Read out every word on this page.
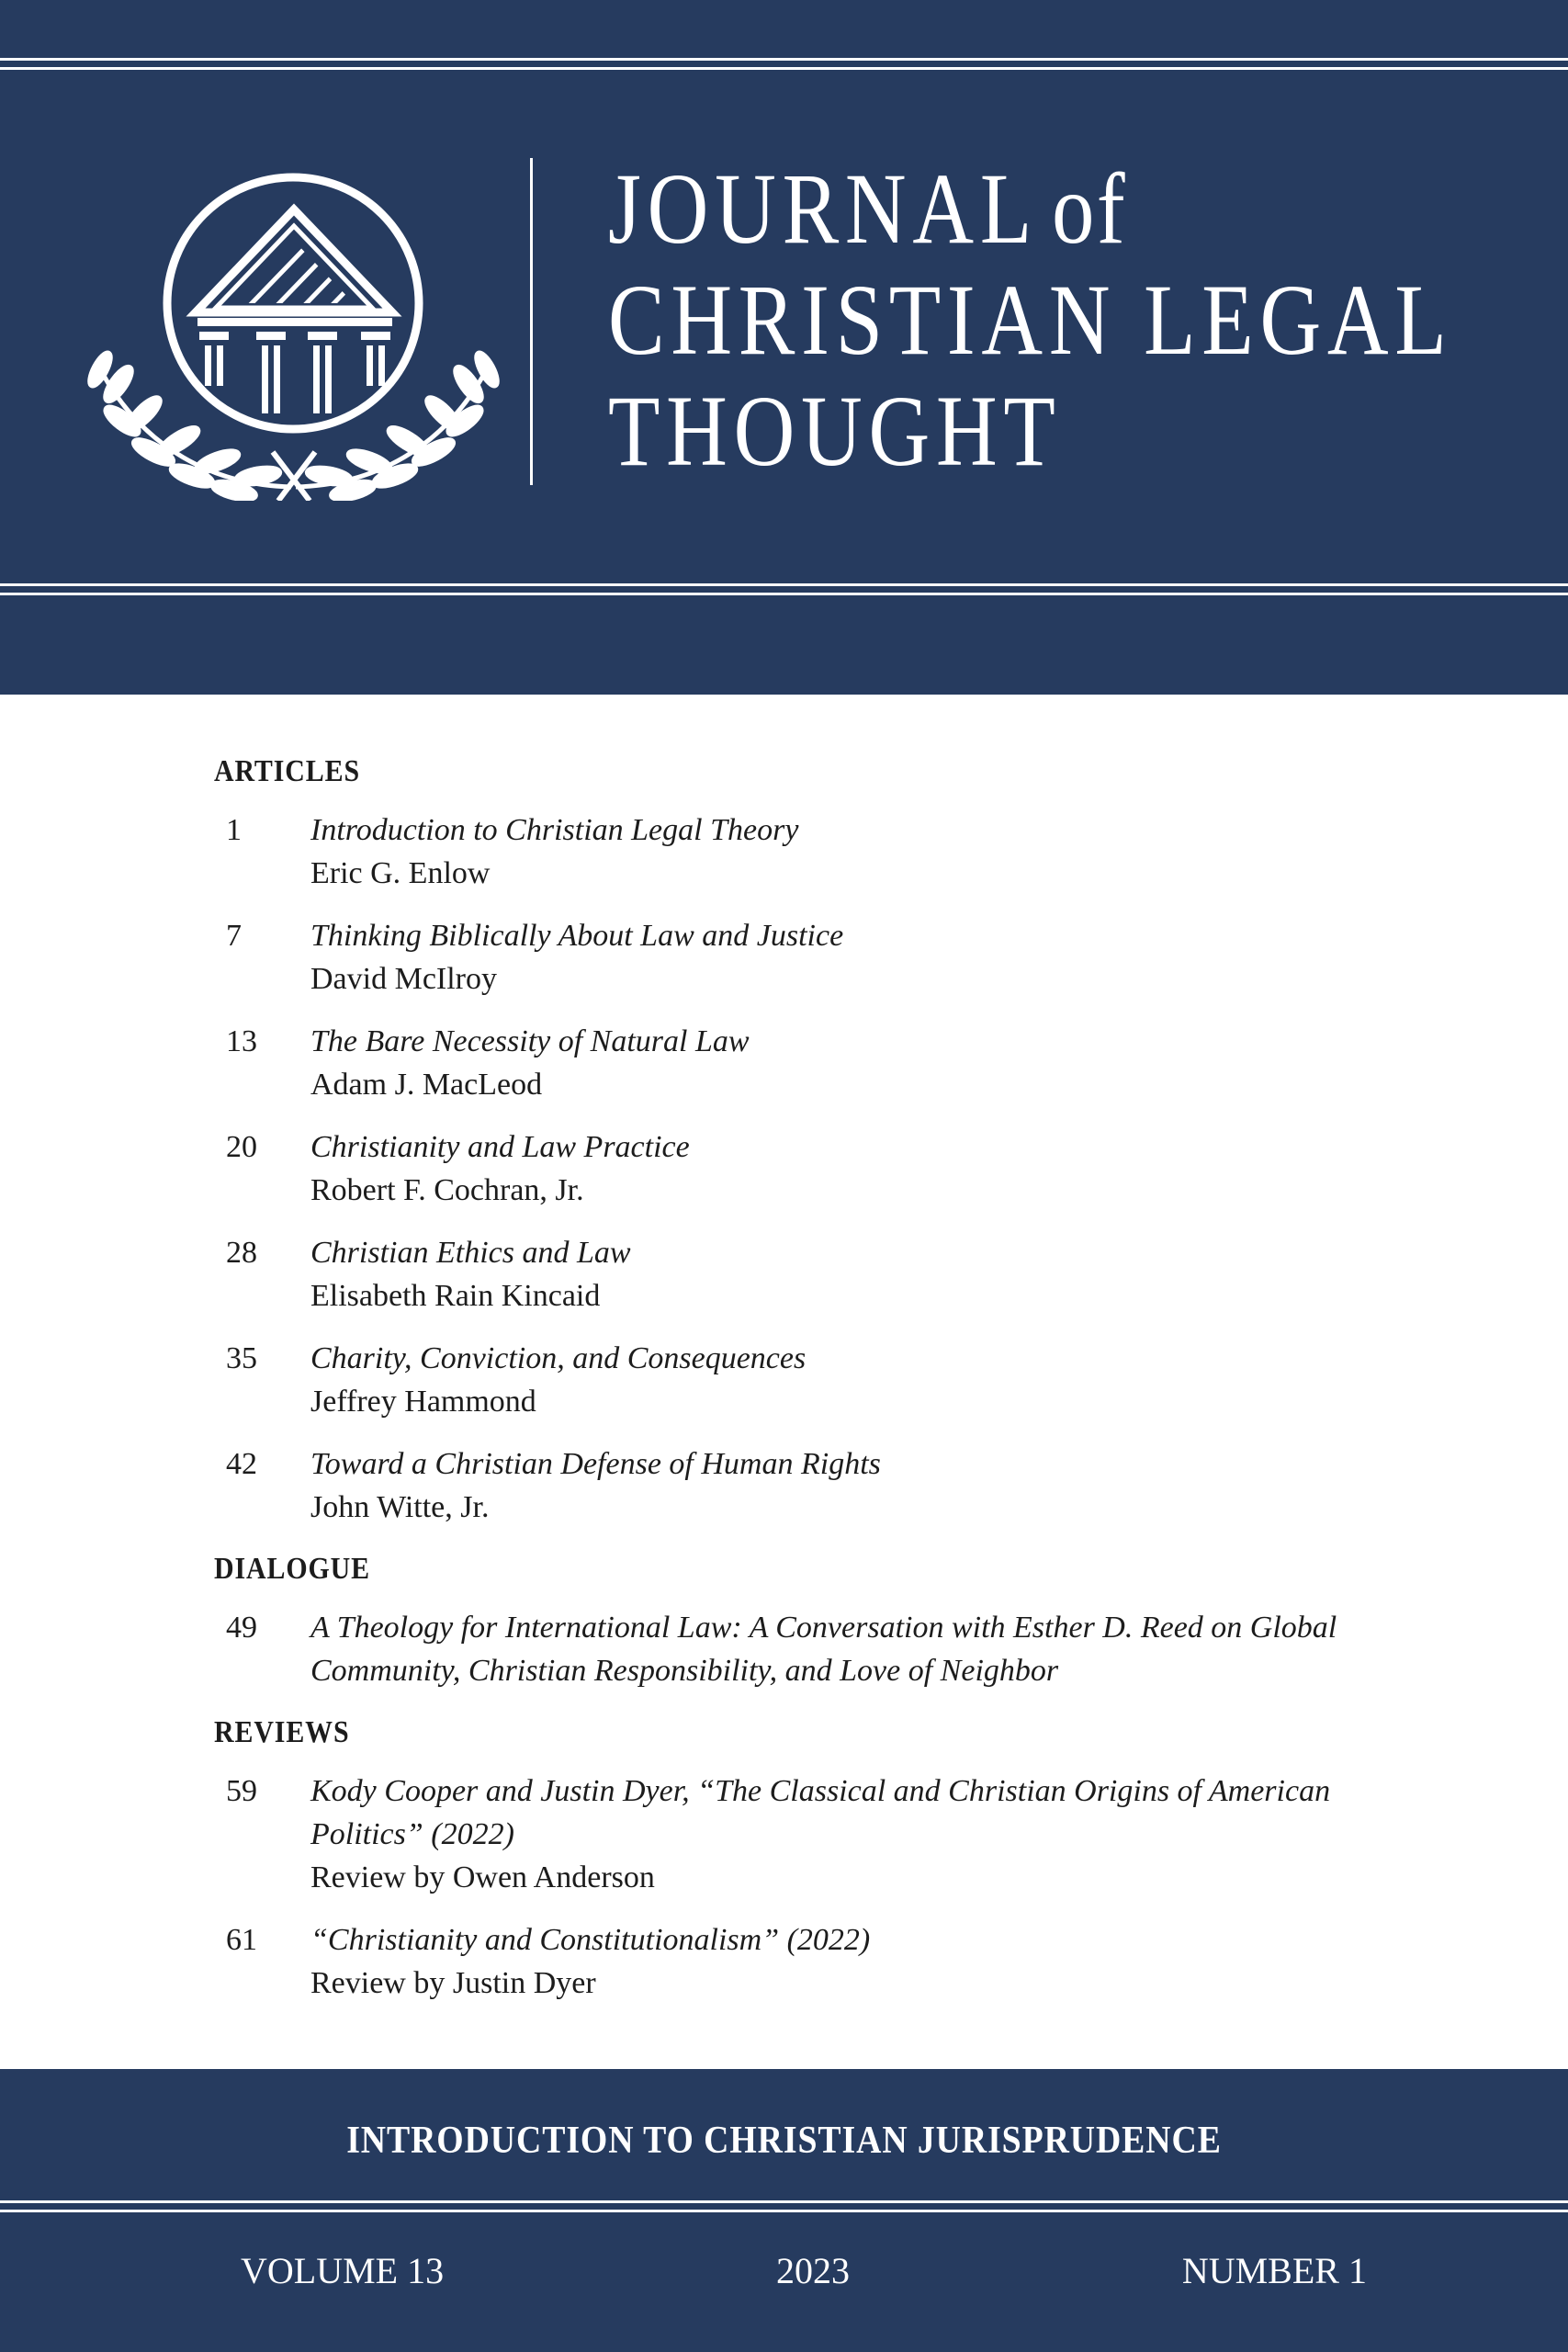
JOURNAL of
CHRISTIAN LEGAL
THOUGHT
ARTICLES
1	Introduction to Christian Legal Theory
Eric G. Enlow
7	Thinking Biblically About Law and Justice
David McIlroy
13	The Bare Necessity of Natural Law
Adam J. MacLeod
20	Christianity and Law Practice
Robert F. Cochran, Jr.
28	Christian Ethics and Law
Elisabeth Rain Kincaid
35	Charity, Conviction, and Consequences
Jeffrey Hammond
42	Toward a Christian Defense of Human Rights
John Witte, Jr.
DIALOGUE
49	A Theology for International Law: A Conversation with Esther D. Reed on Global
Community, Christian Responsibility, and Love of Neighbor
REVIEWS
59	Kody Cooper and Justin Dyer, “The Classical and Christian Origins of American
Politics” (2022)
Review by Owen Anderson
61	“Christianity and Constitutionalism” (2022)
Review by Justin Dyer
INTRODUCTION TO CHRISTIAN JURISPRUDENCE
VOLUME 13	2023	NUMBER 1
